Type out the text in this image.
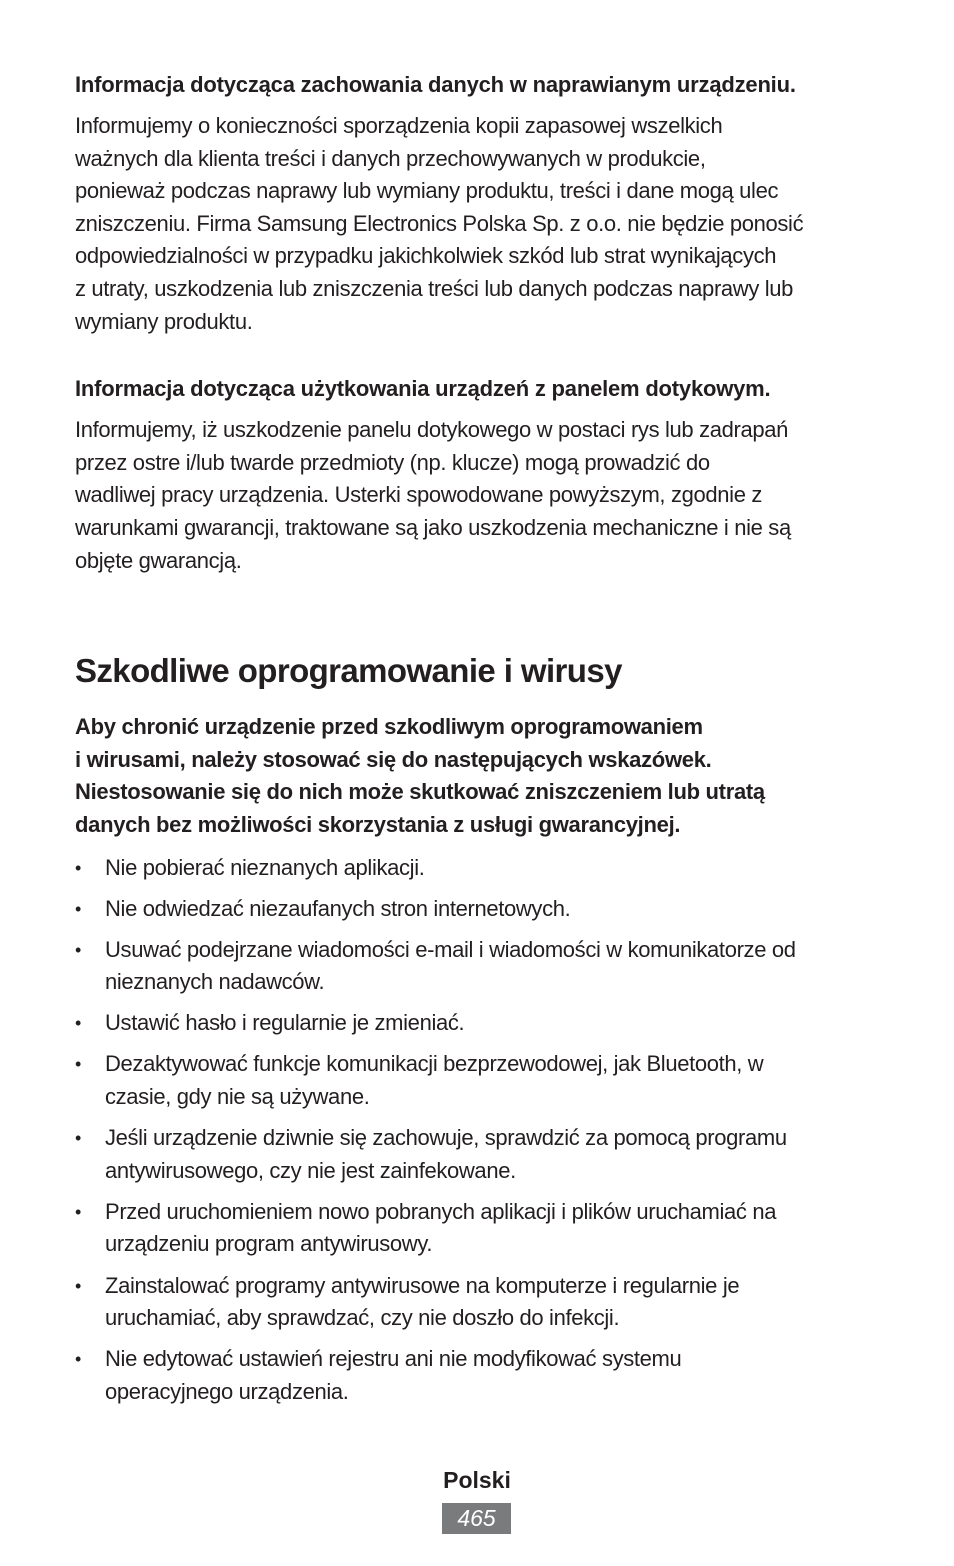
Informacja dotycząca zachowania danych w naprawianym urządzeniu.
Informujemy o konieczności sporządzenia kopii zapasowej wszelkich
ważnych dla klienta treści i danych przechowywanych w produkcie,
ponieważ podczas naprawy lub wymiany produktu, treści i dane mogą ulec
zniszczeniu. Firma Samsung Electronics Polska Sp. z o.o. nie będzie ponosić
odpowiedzialności w przypadku jakichkolwiek szkód lub strat wynikających
z utraty, uszkodzenia lub zniszczenia treści lub danych podczas naprawy lub
wymiany produktu.
Informacja dotycząca użytkowania urządzeń z panelem dotykowym.
Informujemy, iż uszkodzenie panelu dotykowego w postaci rys lub zadrapań
przez ostre i/lub twarde przedmioty (np. klucze) mogą prowadzić do
wadliwej pracy urządzenia. Usterki spowodowane powyższym, zgodnie z
warunkami gwarancji, traktowane są jako uszkodzenia mechaniczne i nie są
objęte gwarancją.
Szkodliwe oprogramowanie i wirusy
Aby chronić urządzenie przed szkodliwym oprogramowaniem
i wirusami, należy stosować się do następujących wskazówek.
Niestosowanie się do nich może skutkować zniszczeniem lub utratą
danych bez możliwości skorzystania z usługi gwarancyjnej.
• Nie pobierać nieznanych aplikacji.
• Nie odwiedzać niezaufanych stron internetowych.
• Usuwać podejrzane wiadomości e-mail i wiadomości w komunikatorze od
nieznanych nadawców.
• Ustawić hasło i regularnie je zmieniać.
• Dezaktywować funkcje komunikacji bezprzewodowej, jak Bluetooth, w
czasie, gdy nie są używane.
• Jeśli urządzenie dziwnie się zachowuje, sprawdzić za pomocą programu
antywirusowego, czy nie jest zainfekowane.
• Przed uruchomieniem nowo pobranych aplikacji i plików uruchamiać na
urządzeniu program antywirusowy.
• Zainstalować programy antywirusowe na komputerze i regularnie je
uruchamiać, aby sprawdzać, czy nie doszło do infekcji.
• Nie edytować ustawień rejestru ani nie modyfikować systemu
operacyjnego urządzenia.
Polski
465
